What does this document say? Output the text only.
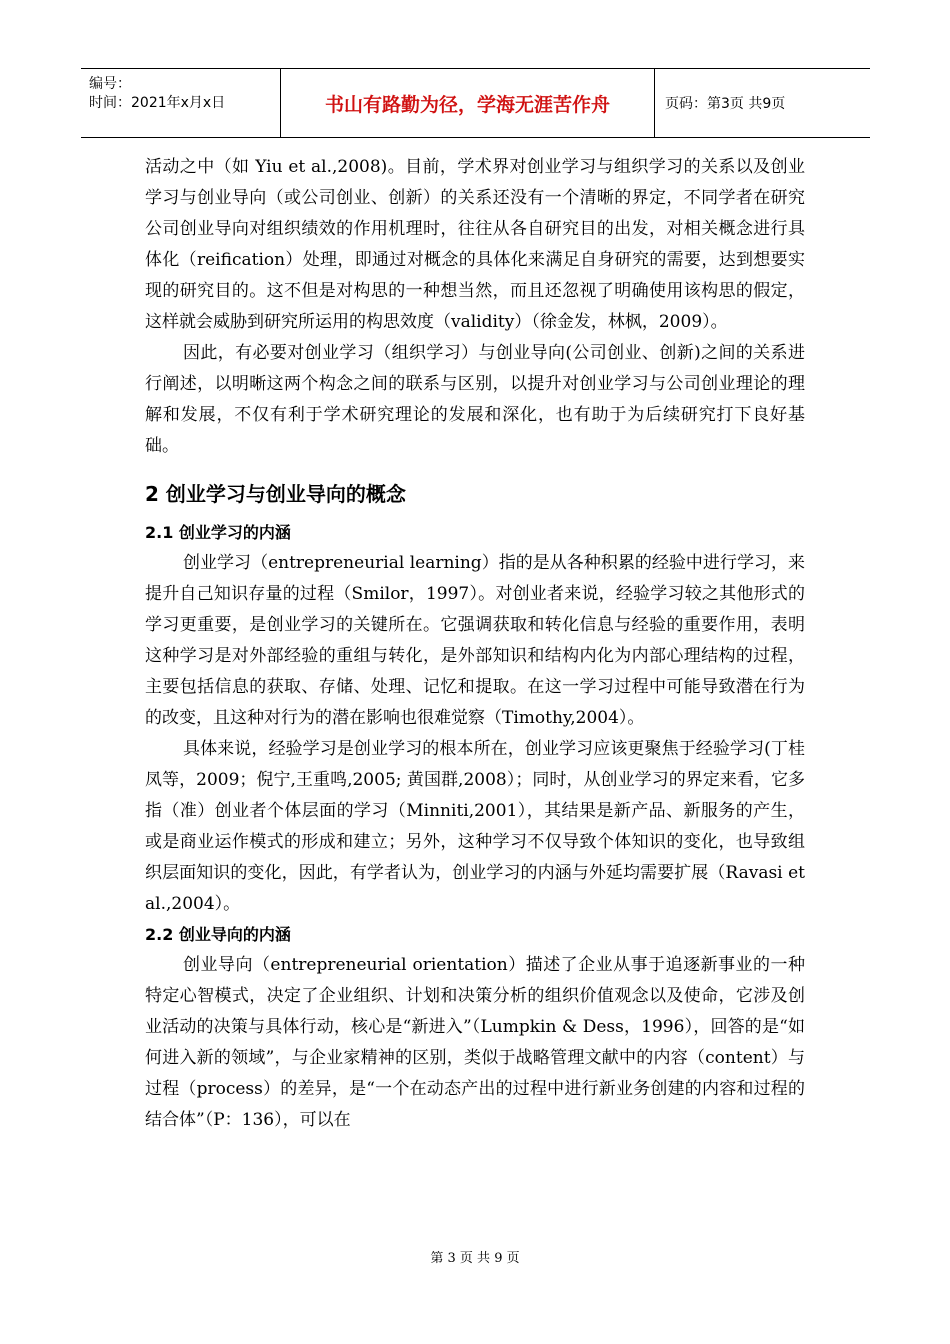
编号：
时间：2021年x月x日	书山有路勤为径，学海无涯苦作舟	页码：第3页 共9页

活动之中（如 Yiu et al.,2008)。目前，学术界对创业学习与组织学习的关系以及创业学习与创业导向（或公司创业、创新）的关系还没有一个清晰的界定，不同学者在研究公司创业导向对组织绩效的作用机理时，往往从各自研究目的出发，对相关概念进行具体化（reification）处理，即通过对概念的具体化来满足自身研究的需要，达到想要实现的研究目的。这不但是对构思的一种想当然，而且还忽视了明确使用该构思的假定，这样就会威胁到研究所运用的构思效度（validity）（徐金发，林枫，2009）。

因此，有必要对创业学习（组织学习）与创业导向(公司创业、创新)之间的关系进行阐述，以明晰这两个构念之间的联系与区别，以提升对创业学习与公司创业理论的理解和发展，不仅有利于学术研究理论的发展和深化，也有助于为后续研究打下良好基础。

2 创业学习与创业导向的概念
2.1 创业学习的内涵

创业学习（entrepreneurial learning）指的是从各种积累的经验中进行学习，来提升自己知识存量的过程（Smilor，1997）。对创业者来说，经验学习较之其他形式的学习更重要，是创业学习的关键所在。它强调获取和转化信息与经验的重要作用，表明这种学习是对外部经验的重组与转化，是外部知识和结构内化为内部心理结构的过程，主要包括信息的获取、存储、处理、记忆和提取。在这一学习过程中可能导致潜在行为的改变，且这种对行为的潜在影响也很难觉察（Timothy,2004）。

具体来说，经验学习是创业学习的根本所在，创业学习应该更聚焦于经验学习(丁桂凤等，2009；倪宁,王重鸣,2005; 黄国群,2008）；同时，从创业学习的界定来看，它多指（准）创业者个体层面的学习（Minniti,2001），其结果是新产品、新服务的产生，或是商业运作模式的形成和建立；另外，这种学习不仅导致个体知识的变化，也导致组织层面知识的变化，因此，有学者认为，创业学习的内涵与外延均需要扩展（Ravasi et al.,2004）。

2.2 创业导向的内涵

创业导向（entrepreneurial orientation）描述了企业从事于追逐新事业的一种特定心智模式，决定了企业组织、计划和决策分析的组织价值观念以及使命，它涉及创业活动的决策与具体行动，核心是“新进入”（Lumpkin & Dess，1996），回答的是“如何进入新的领域”，与企业家精神的区别，类似于战略管理文献中的内容（content）与过程（process）的差异，是“一个在动态产出的过程中进行新业务创建的内容和过程的结合体”（P：136），可以在

第 3 页 共 9 页
